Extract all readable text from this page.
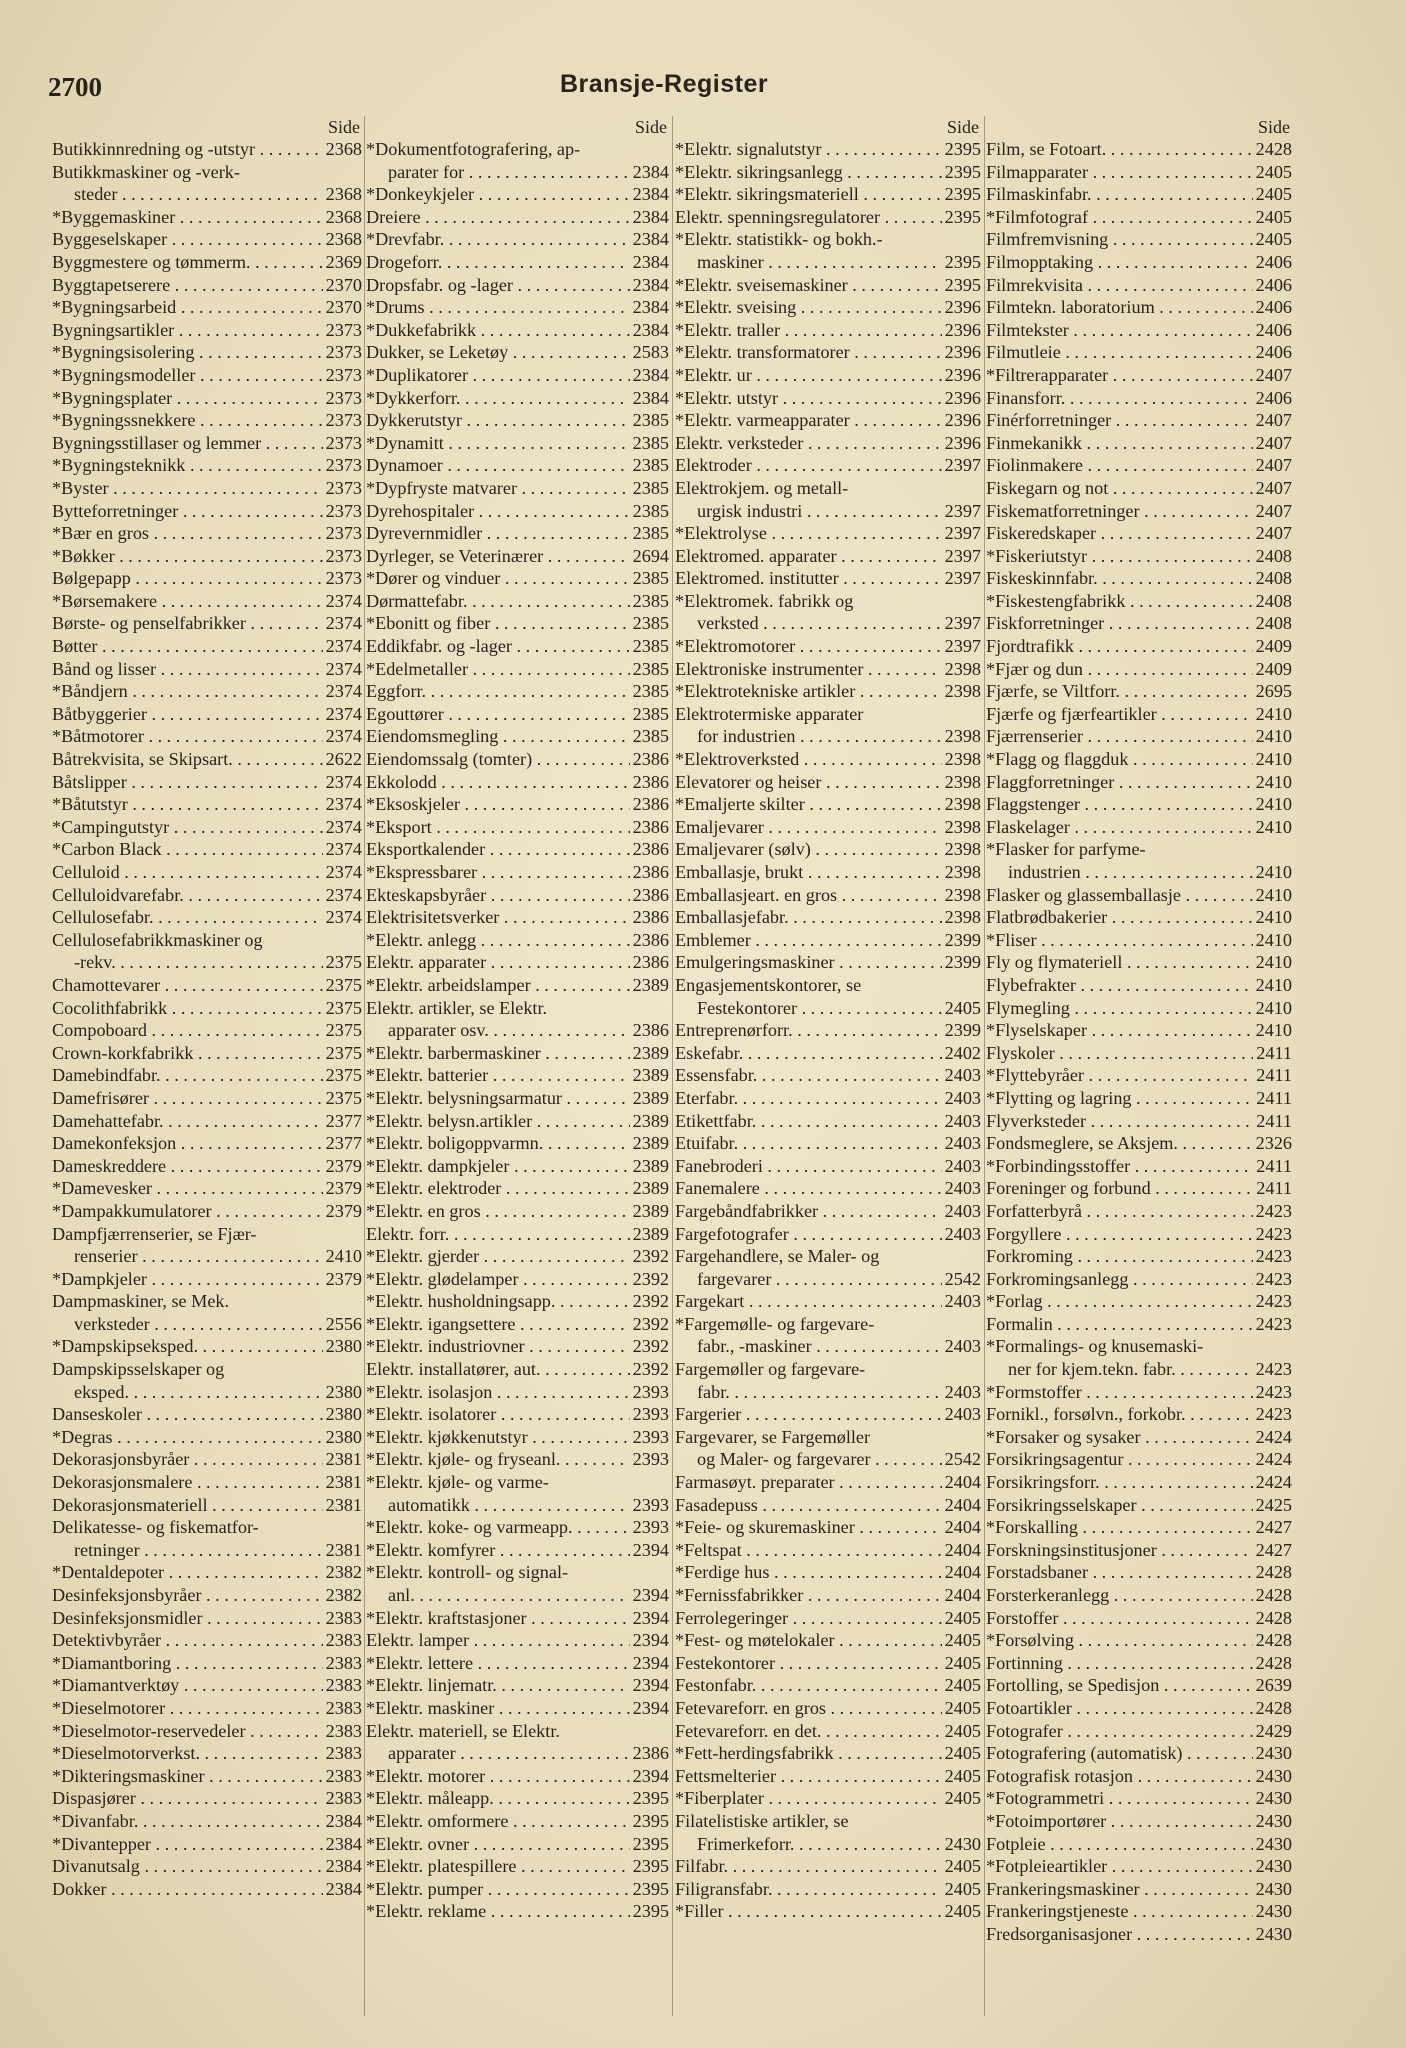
2700	Bransje-Register
Side
Butikkinnredning og -utstyr . . .	2368
Butikkmaskiner og -verk-
steder . . .	2368
*Byggemaskiner . . .	2368
Byggeselskaper . . .	2368
Byggmestere og tømmerm. . . .	2369
Byggtapetserere . . .	2370
*Bygningsarbeid . . .	2370
Bygningsartikler . . .	2373
*Bygningsisolering . . .	2373
*Bygningsmodeller . . .	2373
*Bygningsplater . . .	2373
*Bygningssnekkere . . .	2373
Bygningsstillaser og lemmer . . .	2373
*Bygningsteknikk . . .	2373
*Byster . . .	2373
Bytteforretninger . . .	2373
*Bær en gros . . .	2373
*Bøkker . . .	2373
Bølgepapp . . .	2373
*Børsemakere . . .	2374
Børste- og penselfabrikker . . .	2374
Bøtter . . .	2374
Bånd og lisser . . .	2374
*Båndjern . . .	2374
Båtbyggerier . . .	2374
*Båtmotorer . . .	2374
Båtrekvisita, se Skipsart. . . .	2622
Båtslipper . . .	2374
*Båtutstyr . . .	2374
*Campingutstyr . . .	2374
*Carbon Black . . .	2374
Celluloid . . .	2374
Celluloidvarefabr. . . .	2374
Cellulosefabr. . . .	2374
Cellulosefabrikkmaskiner og
-rekv. . . .	2375
Chamottevarer . . .	2375
Cocolithfabrikk . . .	2375
Compoboard . . .	2375
Crown-korkfabrikk . . .	2375
Damebindfabr. . . .	2375
Damefrisører . . .	2375
Damehattefabr. . . .	2377
Damekonfeksjon . . .	2377
Dameskreddere . . .	2379
*Damevesker . . .	2379
*Dampakkumulatorer . . .	2379
Dampfjærrenserier, se Fjær-
renserier . . .	2410
*Dampkjeler . . .	2379
Dampmaskiner, se Mek.
verksteder . . .	2556
*Dampskipseksped. . . .	2380
Dampskipsselskaper og
eksped. . . .	2380
Danseskoler . . .	2380
*Degras . . .	2380
Dekorasjonsbyråer . . .	2381
Dekorasjonsmalere . . .	2381
Dekorasjonsmateriell . . .	2381
Delikatesse- og fiskematfor-
retninger . . .	2381
*Dentaldepoter . . .	2382
Desinfeksjonsbyråer . . .	2382
Desinfeksjonsmidler . . .	2383
Detektivbyråer . . .	2383
*Diamantboring . . .	2383
*Diamantverktøy . . .	2383
*Dieselmotorer . . .	2383
*Dieselmotor-reservedeler . . .	2383
*Dieselmotorverkst. . . .	2383
*Dikteringsmaskiner . . .	2383
Dispasjører . . .	2383
*Divanfabr. . . .	2384
*Divantepper . . .	2384
Divanutsalg . . .	2384
Dokker . . .	2384
Side
*Dokumentfotografering, ap-
parater for . . .	2384
*Donkeykjeler . . .	2384
Dreiere . . .	2384
*Drevfabr. . . .	2384
Drogeforr. . . .	2384
Dropsfabr. og -lager . . .	2384
*Drums . . .	2384
*Dukkefabrikk . . .	2384
Dukker, se Leketøy . . .	2583
*Duplikatorer . . .	2384
*Dykkerforr. . . .	2384
Dykkerutstyr . . .	2385
*Dynamitt . . .	2385
Dynamoer . . .	2385
*Dypfryste matvarer . . .	2385
Dyrehospitaler . . .	2385
Dyrevernmidler . . .	2385
Dyrleger, se Veterinærer . . .	2694
*Dører og vinduer . . .	2385
Dørmattefabr. . . .	2385
*Ebonitt og fiber . . .	2385
Eddikfabr. og -lager . . .	2385
*Edelmetaller . . .	2385
Eggforr. . . .	2385
Egouttører . . .	2385
Eiendomsmegling . . .	2385
Eiendomssalg (tomter) . . .	2386
Ekkolodd . . .	2386
*Eksoskjeler . . .	2386
*Eksport . . .	2386
Eksportkalender . . .	2386
*Ekspressbarer . . .	2386
Ekteskapsbyråer . . .	2386
Elektrisitetsverker . . .	2386
*Elektr. anlegg . . .	2386
Elektr. apparater . . .	2386
*Elektr. arbeidslamper . . .	2389
Elektr. artikler, se Elektr.
apparater osv. . . .	2386
*Elektr. barbermaskiner . . .	2389
*Elektr. batterier . . .	2389
*Elektr. belysningsarmatur . . .	2389
*Elektr. belysn.artikler . . .	2389
*Elektr. boligoppvarmn. . . .	2389
*Elektr. dampkjeler . . .	2389
*Elektr. elektroder . . .	2389
*Elektr. en gros . . .	2389
Elektr. forr. . . .	2389
*Elektr. gjerder . . .	2392
*Elektr. glødelamper . . .	2392
*Elektr. husholdningsapp. . . .	2392
*Elektr. igangsettere . . .	2392
*Elektr. industriovner . . .	2392
Elektr. installatører, aut. . . .	2392
*Elektr. isolasjon . . .	2393
*Elektr. isolatorer . . .	2393
*Elektr. kjøkkenutstyr . . .	2393
*Elektr. kjøle- og fryseanl. . . .	2393
*Elektr. kjøle- og varme-
automatikk . . .	2393
*Elektr. koke- og varmeapp. . . .	2393
*Elektr. komfyrer . . .	2394
*Elektr. kontroll- og signal-
anl. . . .	2394
*Elektr. kraftstasjoner . . .	2394
Elektr. lamper . . .	2394
*Elektr. lettere . . .	2394
*Elektr. linjematr. . . .	2394
*Elektr. maskiner . . .	2394
Elektr. materiell, se Elektr.
apparater . . .	2386
*Elektr. motorer . . .	2394
*Elektr. måleapp. . . .	2395
*Elektr. omformere . . .	2395
*Elektr. ovner . . .	2395
*Elektr. platespillere . . .	2395
*Elektr. pumper . . .	2395
*Elektr. reklame . . .	2395
Side
*Elektr. signalutstyr . . .	2395
*Elektr. sikringsanlegg . . .	2395
*Elektr. sikringsmateriell . . .	2395
Elektr. spenningsregulatorer . . .	2395
*Elektr. statistikk- og bokh.-
maskiner . . .	2395
*Elektr. sveisemaskiner . . .	2395
*Elektr. sveising . . .	2396
*Elektr. traller . . .	2396
*Elektr. transformatorer . . .	2396
*Elektr. ur . . .	2396
*Elektr. utstyr . . .	2396
*Elektr. varmeapparater . . .	2396
Elektr. verksteder . . .	2396
Elektroder . . .	2397
Elektrokjem. og metall-
urgisk industri . . .	2397
*Elektrolyse . . .	2397
Elektromed. apparater . . .	2397
Elektromed. institutter . . .	2397
*Elektromek. fabrikk og
verksted . . .	2397
*Elektromotorer . . .	2397
Elektroniske instrumenter . . .	2398
*Elektrotekniske artikler . . .	2398
Elektrotermiske apparater
for industrien . . .	2398
*Elektroverksted . . .	2398
Elevatorer og heiser . . .	2398
*Emaljerte skilter . . .	2398
Emaljevarer . . .	2398
Emaljevarer (sølv) . . .	2398
Emballasje, brukt . . .	2398
Emballasjeart. en gros . . .	2398
Emballasjefabr. . . .	2398
Emblemer . . .	2399
Emulgeringsmaskiner . . .	2399
Engasjementskontorer, se
Festekontorer . . .	2405
Entreprenørforr. . . .	2399
Eskefabr. . . .	2402
Essensfabr. . . .	2403
Eterfabr. . . .	2403
Etikettfabr. . . .	2403
Etuifabr. . . .	2403
Fanebroderi . . .	2403
Fanemalere . . .	2403
Fargebåndfabrikker . . .	2403
Fargefotografer . . .	2403
Fargehandlere, se Maler- og
fargevarer . . .	2542
Fargekart . . .	2403
*Fargemølle- og fargevare-
fabr., -maskiner . . .	2403
Fargemøller og fargevare-
fabr. . . .	2403
Fargerier . . .	2403
Fargevarer, se Fargemøller
og Maler- og fargevarer . . .	2542
Farmasøyt. preparater . . .	2404
Fasadepuss . . .	2404
*Feie- og skuremaskiner . . .	2404
*Feltspat . . .	2404
*Ferdige hus . . .	2404
*Fernissfabrikker . . .	2404
Ferrolegeringer . . .	2405
*Fest- og møtelokaler . . .	2405
Festekontorer . . .	2405
Festonfabr. . . .	2405
Fetevareforr. en gros . . .	2405
Fetevareforr. en det. . . .	2405
*Fett-herdingsfabrikk . . .	2405
Fettsmelterier . . .	2405
*Fiberplater . . .	2405
Filatelistiske artikler, se
Frimerkeforr. . . .	2430
Filfabr. . . .	2405
Filigransfabr. . . .	2405
*Filler . . .	2405
Side
Film, se Fotoart. . . .	2428
Filmapparater . . .	2405
Filmaskinfabr. . . .	2405
*Filmfotograf . . .	2405
Filmfremvisning . . .	2405
Filmopptaking . . .	2406
Filmrekvisita . . .	2406
Filmtekn. laboratorium . . .	2406
Filmtekster . . .	2406
Filmutleie . . .	2406
*Filtrerapparater . . .	2407
Finansforr. . . .	2406
Finérforretninger . . .	2407
Finmekanikk . . .	2407
Fiolinmakere . . .	2407
Fiskegarn og not . . .	2407
Fiskematforretninger . . .	2407
Fiskeredskaper . . .	2407
*Fiskeriutstyr . . .	2408
Fiskeskinnfabr. . . .	2408
*Fiskestengfabrikk . . .	2408
Fiskforretninger . . .	2408
Fjordtrafikk . . .	2409
*Fjær og dun . . .	2409
Fjærfe, se Viltforr. . . .	2695
Fjærfe og fjærfeartikler . . .	2410
Fjærrenserier . . .	2410
*Flagg og flaggduk . . .	2410
Flaggforretninger . . .	2410
Flaggstenger . . .	2410
Flaskelager . . .	2410
*Flasker for parfyme-
industrien . . .	2410
Flasker og glassemballasje . . .	2410
Flatbrødbakerier . . .	2410
*Fliser . . .	2410
Fly og flymateriell . . .	2410
Flybefrakter . . .	2410
Flymegling . . .	2410
*Flyselskaper . . .	2410
Flyskoler . . .	2411
*Flyttebyråer . . .	2411
*Flytting og lagring . . .	2411
Flyverksteder . . .	2411
Fondsmeglere, se Aksjem. . . .	2326
*Forbindingsstoffer . . .	2411
Foreninger og forbund . . .	2411
Forfatterbyrå . . .	2423
Forgyllere . . .	2423
Forkroming . . .	2423
Forkromingsanlegg . . .	2423
*Forlag . . .	2423
Formalin . . .	2423
*Formalings- og knusemaski-
ner for kjem.tekn. fabr. . . .	2423
*Formstoffer . . .	2423
Fornikl., forsølvn., forkobr. . . .	2423
*Forsaker og sysaker . . .	2424
Forsikringsagentur . . .	2424
Forsikringsforr. . . .	2424
Forsikringsselskaper . . .	2425
*Forskalling . . .	2427
Forskningsinstitusjoner . . .	2427
Forstadsbaner . . .	2428
Forsterkeranlegg . . .	2428
Forstoffer . . .	2428
*Forsølving . . .	2428
Fortinning . . .	2428
Fortolling, se Spedisjon . . .	2639
Fotoartikler . . .	2428
Fotografer . . .	2429
Fotografering (automatisk) . . .	2430
Fotografisk rotasjon . . .	2430
*Fotogrammetri . . .	2430
*Fotoimportører . . .	2430
Fotpleie . . .	2430
*Fotpleieartikler . . .	2430
Frankeringsmaskiner . . .	2430
Frankeringstjeneste . . .	2430
Fredsorganisasjoner . . .	2430
